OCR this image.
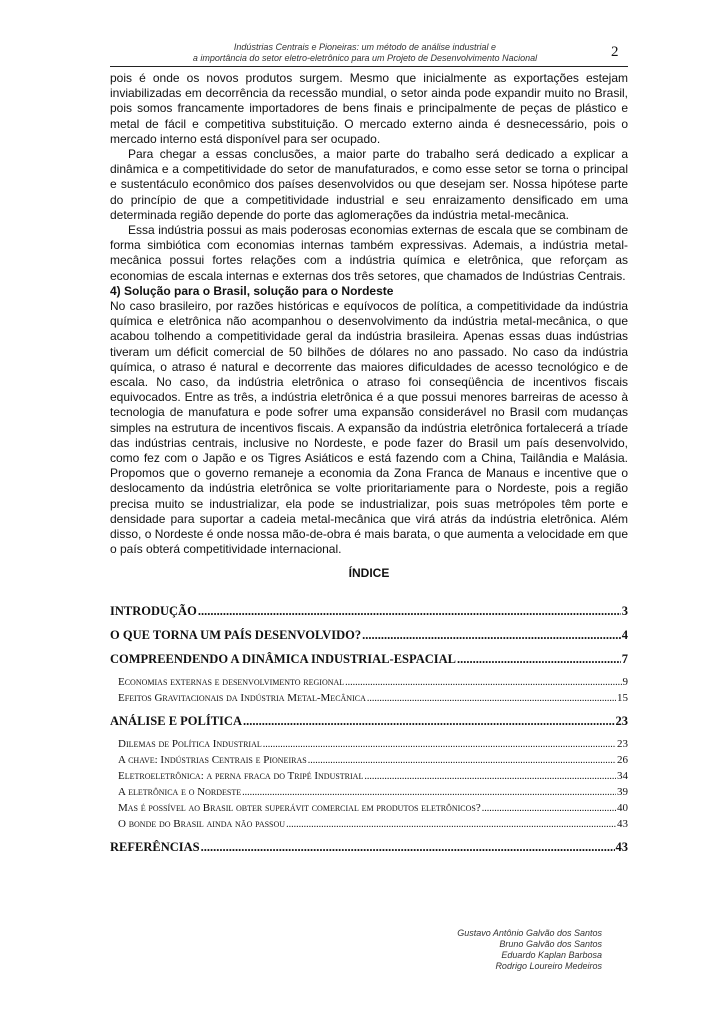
Indústrias Centrais e Pioneiras: um método de análise industrial e
a importância do setor eletro-eletrônico para um Projeto de Desenvolvimento Nacional	2

pois é onde os novos produtos surgem. Mesmo que inicialmente as exportações estejam inviabilizadas em decorrência da recessão mundial, o setor ainda pode expandir muito no Brasil, pois somos francamente importadores de bens finais e principalmente de peças de plástico e metal de fácil e competitiva substituição. O mercado externo ainda é desnecessário, pois o mercado interno está disponível para ser ocupado.

Para chegar a essas conclusões, a maior parte do trabalho será dedicado a explicar a dinâmica e a competitividade do setor de manufaturados, e como esse setor se torna o principal e sustentáculo econômico dos países desenvolvidos ou que desejam ser. Nossa hipótese parte do princípio de que a competitividade industrial e seu enraizamento densificado em uma determinada região depende do porte das aglomerações da indústria metal-mecânica.

Essa indústria possui as mais poderosas economias externas de escala que se combinam de forma simbiótica com economias internas também expressivas. Ademais, a indústria metal-mecânica possui fortes relações com a indústria química e eletrônica, que reforçam as economias de escala internas e externas dos três setores, que chamados de Indústrias Centrais.

4) Solução para o Brasil, solução para o Nordeste

No caso brasileiro, por razões históricas e equívocos de política, a competitividade da indústria química e eletrônica não acompanhou o desenvolvimento da indústria metal-mecânica, o que acabou tolhendo a competitividade geral da indústria brasileira. Apenas essas duas indústrias tiveram um déficit comercial de 50 bilhões de dólares no ano passado. No caso da indústria química, o atraso é natural e decorrente das maiores dificuldades de acesso tecnológico e de escala. No caso, da indústria eletrônica o atraso foi conseqüência de incentivos fiscais equivocados. Entre as três, a indústria eletrônica é a que possui menores barreiras de acesso à tecnologia de manufatura e pode sofrer uma expansão considerável no Brasil com mudanças simples na estrutura de incentivos fiscais. A expansão da indústria eletrônica fortalecerá a tríade das indústrias centrais, inclusive no Nordeste, e pode fazer do Brasil um país desenvolvido, como fez com o Japão e os Tigres Asiáticos e está fazendo com a China, Tailândia e Malásia. Propomos que o governo remaneje a economia da Zona Franca de Manaus e incentive que o deslocamento da indústria eletrônica se volte prioritariamente para o Nordeste, pois a região precisa muito se industrializar, ela pode se industrializar, pois suas metrópoles têm porte e densidade para suportar a cadeia metal-mecânica que virá atrás da indústria eletrônica. Além disso, o Nordeste é onde nossa mão-de-obra é mais barata, o que aumenta a velocidade em que o país obterá competitividade internacional.

ÍNDICE
INTRODUÇÃO .....	3
O QUE TORNA UM PAÍS DESENVOLVIDO? .....	4
COMPREENDENDO A DINÂMICA INDUSTRIAL-ESPACIAL .....	7
Economias externas e desenvolvimento regional .....	9
Efeitos Gravitacionais da Indústria Metal-Mecânica .....	15
ANÁLISE E POLÍTICA .....	23
Dilemas de Política Industrial .....	23
A chave: Indústrias Centrais e Pioneiras .....	26
Eletroeletrônica: a perna fraca do Tripé Industrial .....	34
A eletrônica e o Nordeste .....	39
Mas é possível ao Brasil obter superávit comercial em produtos eletrônicos? .....	40
O bonde do Brasil ainda não passou .....	43
REFERÊNCIAS .....	43
Gustavo Antônio Galvão dos Santos
Bruno Galvão dos Santos
Eduardo Kaplan Barbosa
Rodrigo Loureiro Medeiros
